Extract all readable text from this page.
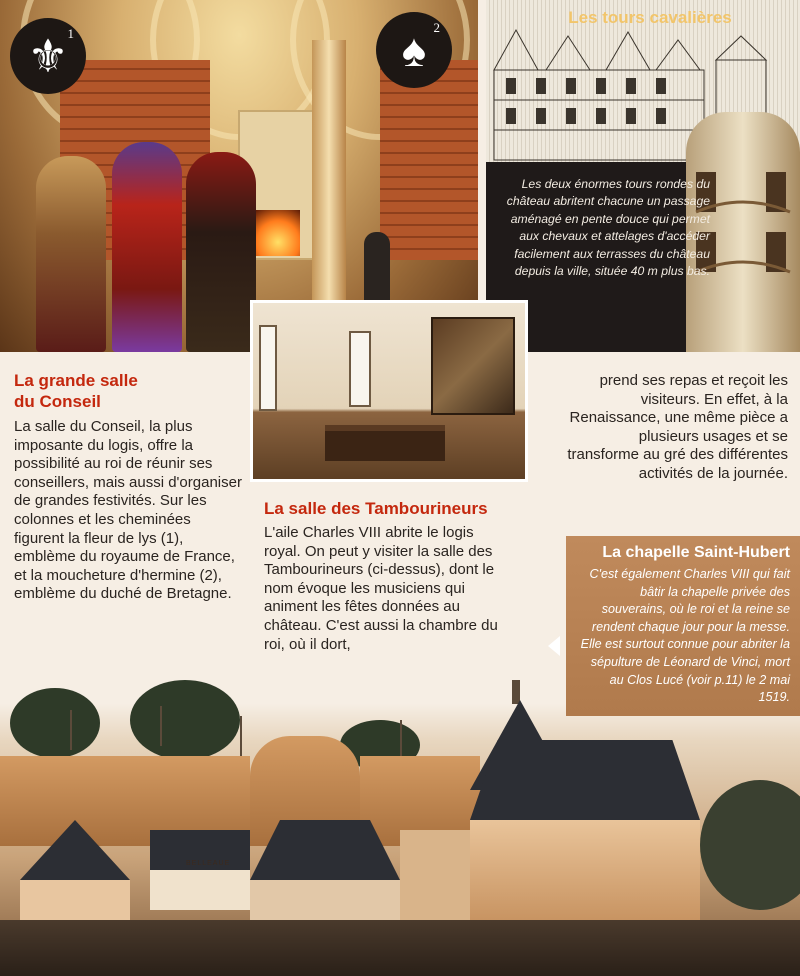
⚜
1	♠ 2
Les tours cavalières
Les deux énormes tours rondes du château abritent chacune un passage aménagé en pente douce qui permet aux chevaux et attelages d'accéder facilement aux terrasses du château depuis la ville, située 40 m plus bas.
La grande salle
du Conseil
La salle du Conseil, la plus imposante du logis, offre la possibilité au roi de réunir ses conseillers, mais aussi d'organiser de grandes festivités. Sur les colonnes et les cheminées figurent la fleur de lys (1), emblème du royaume de France, et la moucheture d'hermine (2), emblème du duché de Bretagne.
La salle des Tambourineurs
L'aile Charles VIII abrite le logis royal. On peut y visiter la salle des Tambourineurs (ci-dessus), dont le nom évoque les musiciens qui animent les fêtes données au château. C'est aussi la chambre du roi, où il dort,
prend ses repas et reçoit les visiteurs. En effet, à la Renaissance, une même pièce a plusieurs usages et se transforme au gré des différentes activités de la journée.
BELLEAUE
La chapelle Saint-Hubert
C'est également Charles VIII qui fait bâtir la chapelle privée des souverains, où le roi et la reine se rendent chaque jour pour la messe. Elle est surtout connue pour abriter la sépulture de Léonard de Vinci, mort au Clos Lucé (voir p.11) le 2 mai 1519.
